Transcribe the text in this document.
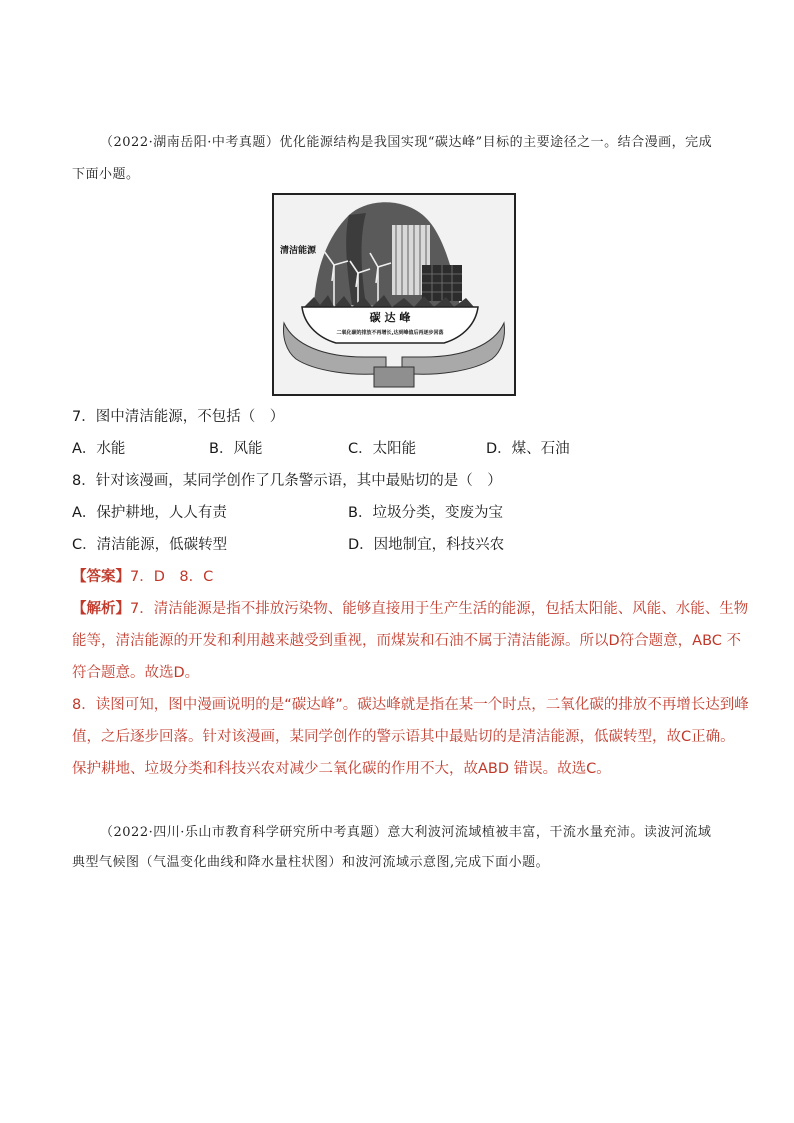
（2022·湖南岳阳·中考真题）优化能源结构是我国实现“碳达峰”目标的主要途径之一。结合漫画，完成
下面小题。
清洁能源
碳 达 峰
二氧化碳的排放不再增长,达到峰值后再逐步回落
7．图中清洁能源，不包括（　）
A．水能	B．风能	C．太阳能	D．煤、石油
8．针对该漫画，某同学创作了几条警示语，其中最贴切的是（　）
A．保护耕地，人人有责	B．垃圾分类，变废为宝
C．清洁能源，低碳转型	D．因地制宜，科技兴农
【答案】7．D　8．C
【解析】7．清洁能源是指不排放污染物、能够直接用于生产生活的能源，包括太阳能、风能、水能、生物
能等，清洁能源的开发和利用越来越受到重视，而煤炭和石油不属于清洁能源。所以D符合题意，ABC 不
符合题意。故选D。
8．读图可知，图中漫画说明的是“碳达峰”。碳达峰就是指在某一个时点，二氧化碳的排放不再增长达到峰
值，之后逐步回落。针对该漫画，某同学创作的警示语其中最贴切的是清洁能源，低碳转型，故C正确。
保护耕地、垃圾分类和科技兴农对减少二氧化碳的作用不大，故ABD 错误。故选C。
（2022·四川·乐山市教育科学研究所中考真题）意大利波河流域植被丰富，干流水量充沛。读波河流域
典型气候图（气温变化曲线和降水量柱状图）和波河流域示意图,完成下面小题。
